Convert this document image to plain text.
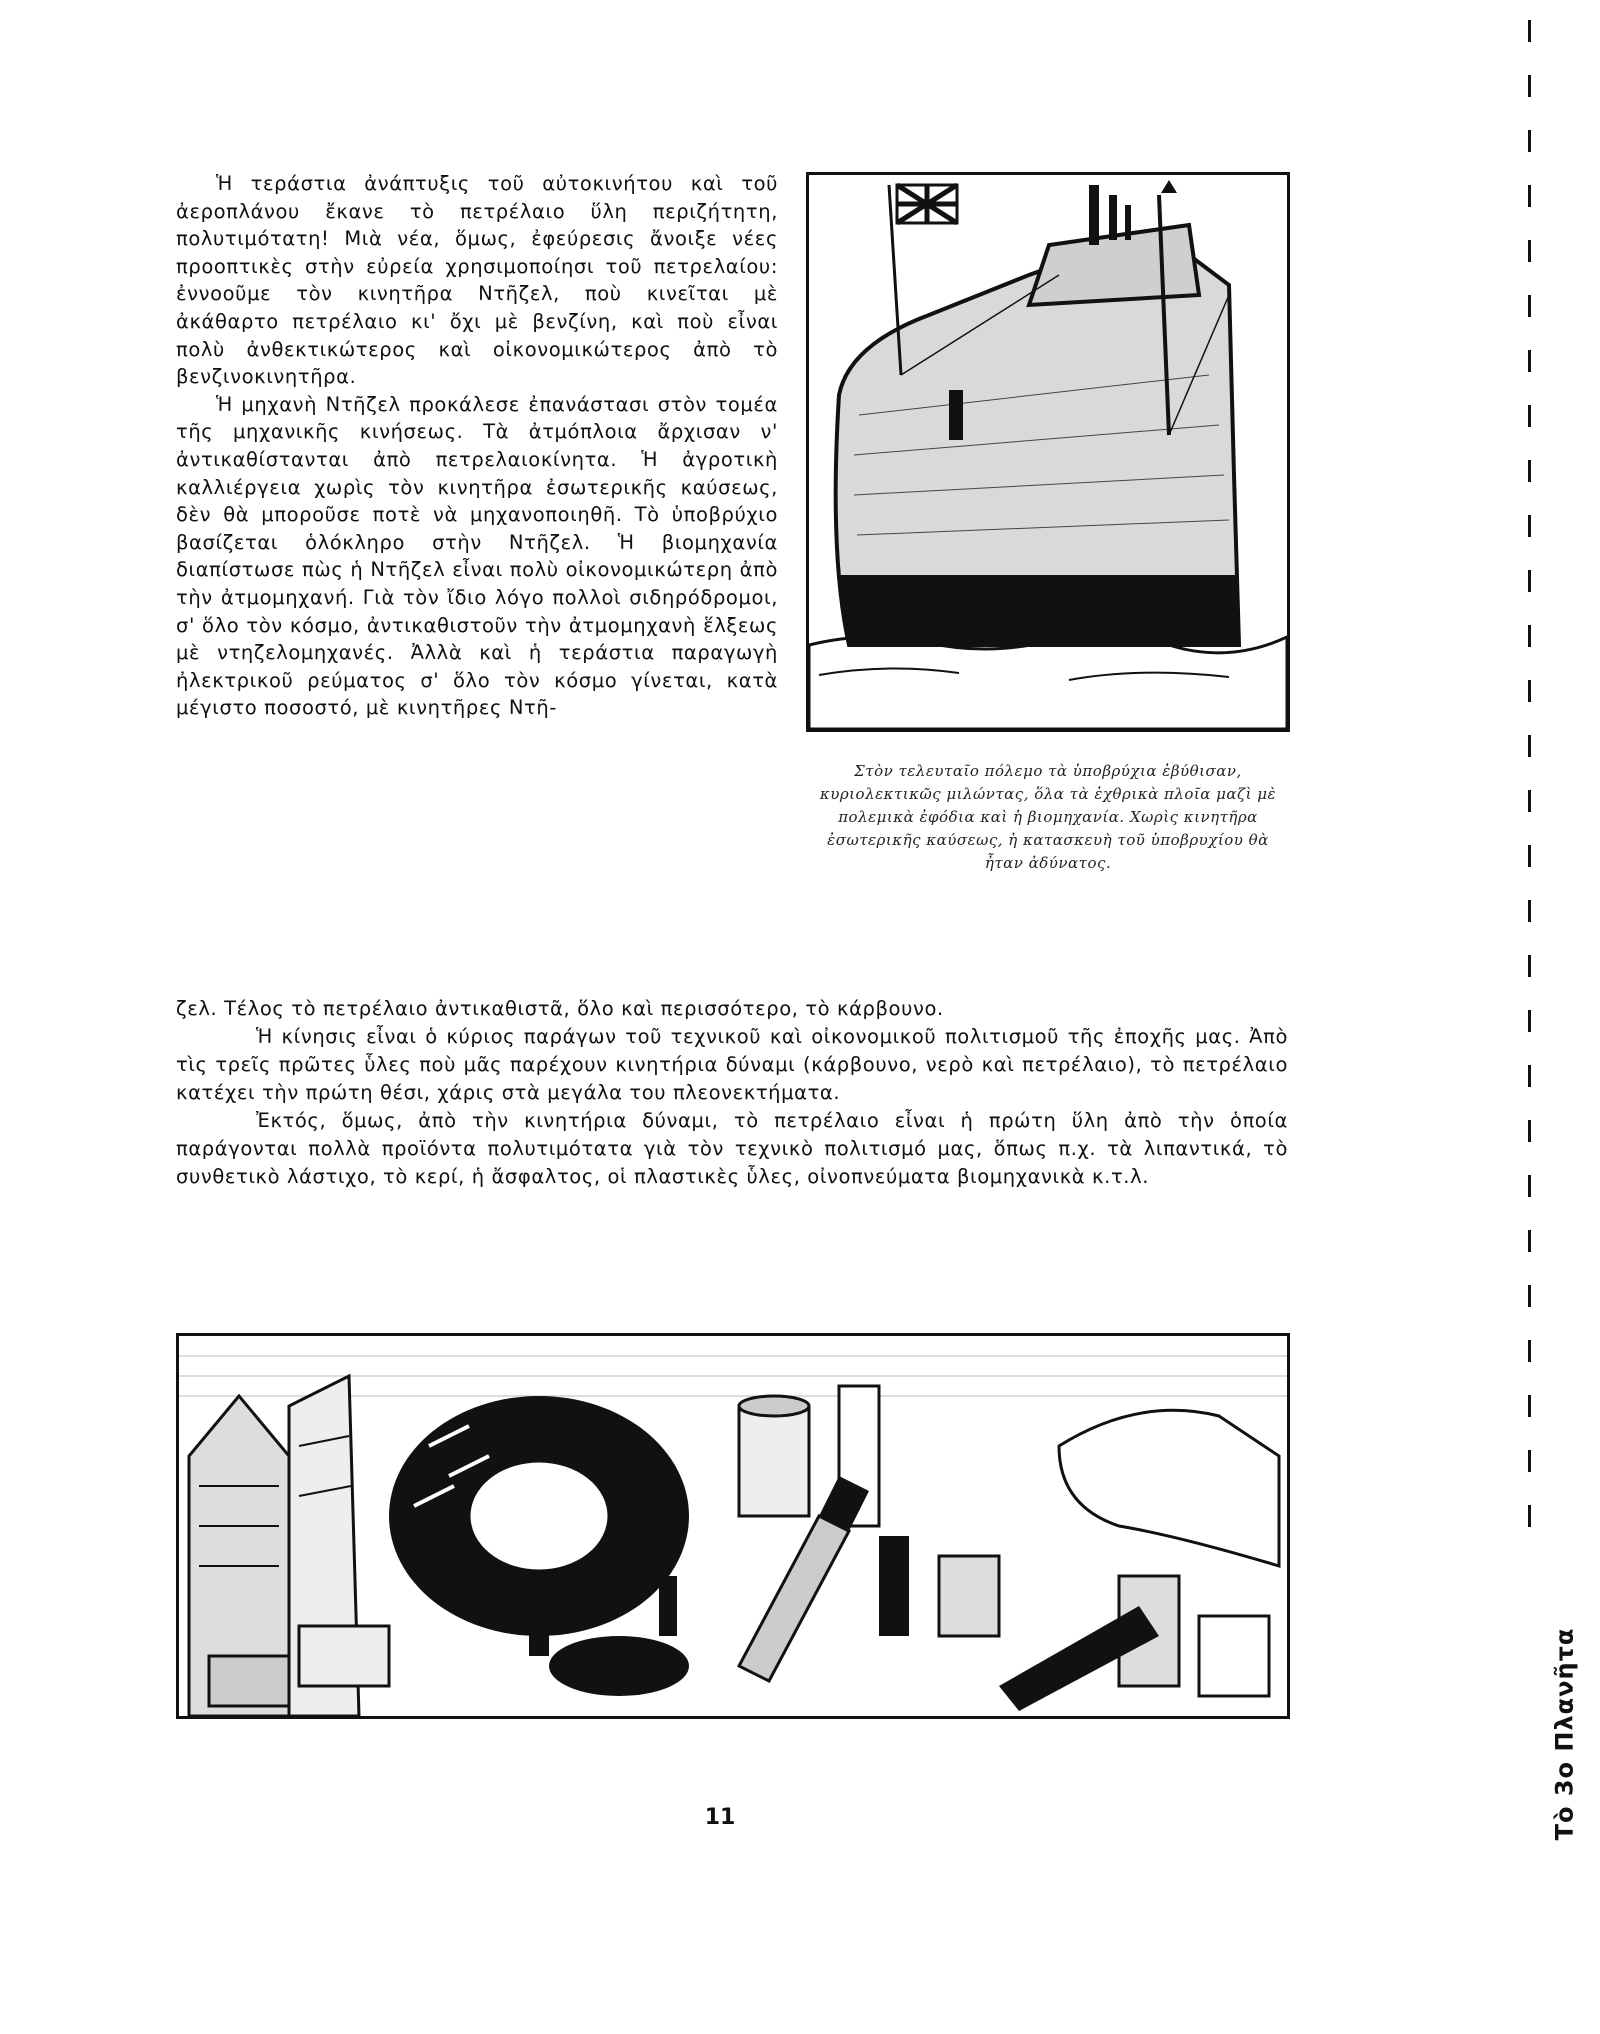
Ἡ τεράστια ἀνάπτυξις τοῦ αὐτοκινήτου καὶ τοῦ ἀεροπλάνου ἔκανε τὸ πετρέλαιο ὕλη περιζήτητη, πολυτιμότατη! Μιὰ νέα, ὅμως, ἐφεύρεσις ἄνοιξε νέες προοπτικὲς στὴν εὐρεία χρησιμοποίησι τοῦ πετρελαίου: ἐννοοῦμε τὸν κινητῆρα Ντῆζελ, ποὺ κινεῖται μὲ ἀκάθαρτο πετρέλαιο κι' ὄχι μὲ βενζίνη, καὶ ποὺ εἶναι πολὺ ἀνθεκτικώτερος καὶ οἰκονομικώτερος ἀπὸ τὸ βενζινοκινητῆρα.

Ἡ μηχανὴ Ντῆζελ προκάλεσε ἐπανάστασι στὸν τομέα τῆς μηχανικῆς κινήσεως. Τὰ ἀτμόπλοια ἄρχισαν ν' ἀντικαθίστανται ἀπὸ πετρελαιοκίνητα. Ἡ ἀγροτικὴ καλλιέργεια χωρὶς τὸν κινητῆρα ἐσωτερικῆς καύσεως, δὲν θὰ μποροῦσε ποτὲ νὰ μηχανοποιηθῆ. Τὸ ὑποβρύχιο βασίζεται ὁλόκληρο στὴν Ντῆζελ. Ἡ βιομηχανία διαπίστωσε πὼς ἡ Ντῆζελ εἶναι πολὺ οἰκονομικώτερη ἀπὸ τὴν ἀτμομηχανή. Γιὰ τὸν ἴδιο λόγο πολλοὶ σιδηρόδρομοι, σ' ὅλο τὸν κόσμο, ἀντικαθιστοῦν τὴν ἀτμομηχανὴ ἕλξεως μὲ ντηζελομηχανές. Ἀλλὰ καὶ ἡ τεράστια παραγωγὴ ἠλεκτρικοῦ ρεύματος σ' ὅλο τὸν κόσμο γίνεται, κατὰ μέγιστο ποσοστό, μὲ κινητῆρες Ντῆ-

Στὸν τελευταῖο πόλεμο τὰ ὑποβρύχια ἐβύθισαν, κυριολεκτικῶς μιλώντας, ὅλα τὰ ἐχθρικὰ πλοῖα μαζὶ μὲ πολεμικὰ ἐφόδια καὶ ἡ βιομηχανία. Χωρὶς κινητῆρα ἐσωτερικῆς καύσεως, ἡ κατασκευὴ τοῦ ὑποβρυχίου θὰ ἦταν ἀδύνατος.

ζελ. Τέλος τὸ πετρέλαιο ἀντικαθιστᾶ, ὅλο καὶ περισσότερο, τὸ κάρβουνο.

Ἡ κίνησις εἶναι ὁ κύριος παράγων τοῦ τεχνικοῦ καὶ οἰκονομικοῦ πολιτισμοῦ τῆς ἐποχῆς μας. Ἀπὸ τὶς τρεῖς πρῶτες ὗλες ποὺ μᾶς παρέχουν κινητήρια δύναμι (κάρβουνο, νερὸ καὶ πετρέλαιο), τὸ πετρέλαιο κατέχει τὴν πρώτη θέσι, χάρις στὰ μεγάλα του πλεονεκτήματα.

Ἐκτός, ὅμως, ἀπὸ τὴν κινητήρια δύναμι, τὸ πετρέλαιο εἶναι ἡ πρώτη ὕλη ἀπὸ τὴν ὁποία παράγονται πολλὰ προϊόντα πολυτιμότατα γιὰ τὸν τεχνικὸ πολιτισμό μας, ὅπως π.χ. τὰ λιπαντικά, τὸ συνθετικὸ λάστιχο, τὸ κερί, ἡ ἄσφαλτος, οἱ πλαστικὲς ὗλες, οἰνοπνεύματα βιομηχανικὰ κ.τ.λ.

11	Τὸ 3ο Πλανῆτα
